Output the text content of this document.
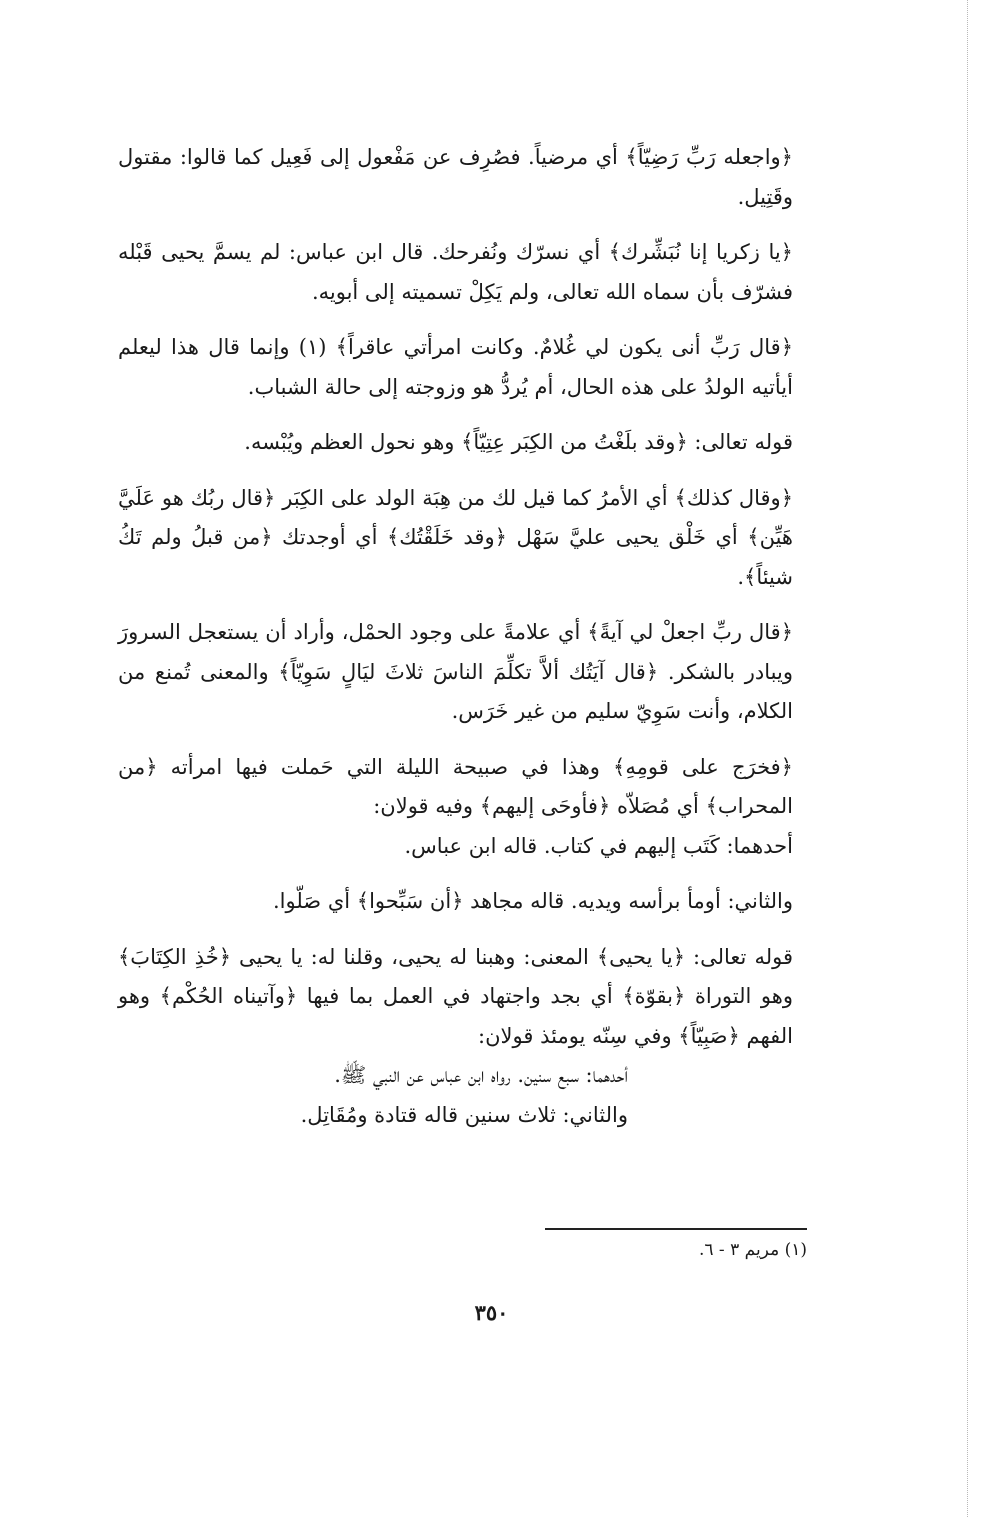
﴿واجعله رَبِّ رَضِيّاً﴾ أي مرضياً. فصُرِف عن مَفْعول إلى فَعِيل كما قالوا: مقتول وقَتِيل.

﴿يا زكريا إنا نُبَشِّرك﴾ أي نسرّك ونُفرحك. قال ابن عباس: لم يسمَّ يحيى قَبْله فشرّف بأن سماه الله تعالى، ولم يَكِلْ تسميته إلى أبويه.

﴿قال رَبِّ أنى يكون لي غُلامٌ. وكانت امرأتي عاقراً﴾ (١) وإنما قال هذا ليعلم أيأتيه الولدُ على هذه الحال، أم يُردُّ هو وزوجته إلى حالة الشباب.

قوله تعالى: ﴿وقد بلَغْتُ من الكِبَر عِتِيّاً﴾ وهو نحول العظم ويُبْسه.

﴿وقال كذلك﴾ أي الأمرُ كما قيل لك من هِبَة الولد على الكِبَر ﴿قال ربُك هو عَلَيَّ هَيِّن﴾ أي خَلْق يحيى عليَّ سَهْل ﴿وقد خَلَقْتُك﴾ أي أوجدتك ﴿من قبلُ ولم تَكُ شيئاً﴾.

﴿قال ربِّ اجعلْ لي آيةً﴾ أي علامةً على وجود الحمْل، وأراد أن يستعجل السرورَ ويبادر بالشكر. ﴿قال آيَتُك ألاَّ تكلِّمَ الناسَ ثلاثَ ليَالٍ سَوِيّاً﴾ والمعنى تُمنع من الكلام، وأنت سَوِيّ سليم من غير خَرَس.

﴿فخرَج على قومِهِ﴾ وهذا في صبيحة الليلة التي حَملت فيها امرأته ﴿من المحراب﴾ أي مُصَلاّه ﴿فأوحَى إليهم﴾ وفيه قولان:

أحدهما: كَتَب إليهم في كتاب. قاله ابن عباس.

والثاني: أومأ برأسه ويديه. قاله مجاهد ﴿أن سَبِّحوا﴾ أي صَلّوا.

قوله تعالى: ﴿يا يحيى﴾ المعنى: وهبنا له يحيى، وقلنا له: يا يحيى ﴿خُذِ الكِتَابَ﴾ وهو التوراة ﴿بقوّة﴾ أي بجد واجتهاد في العمل بما فيها ﴿وآتيناه الحُكْم﴾ وهو الفهم ﴿صَبِيّاً﴾ وفي سِنّه يومئذ قولان:

أحدهما: سبع سنين. رواه ابن عباس عن النبي ﷺ.

والثاني: ثلاث سنين قاله قتادة ومُقَاتِل.

(١) مريم ٣ - ٦.
٣٥٠
